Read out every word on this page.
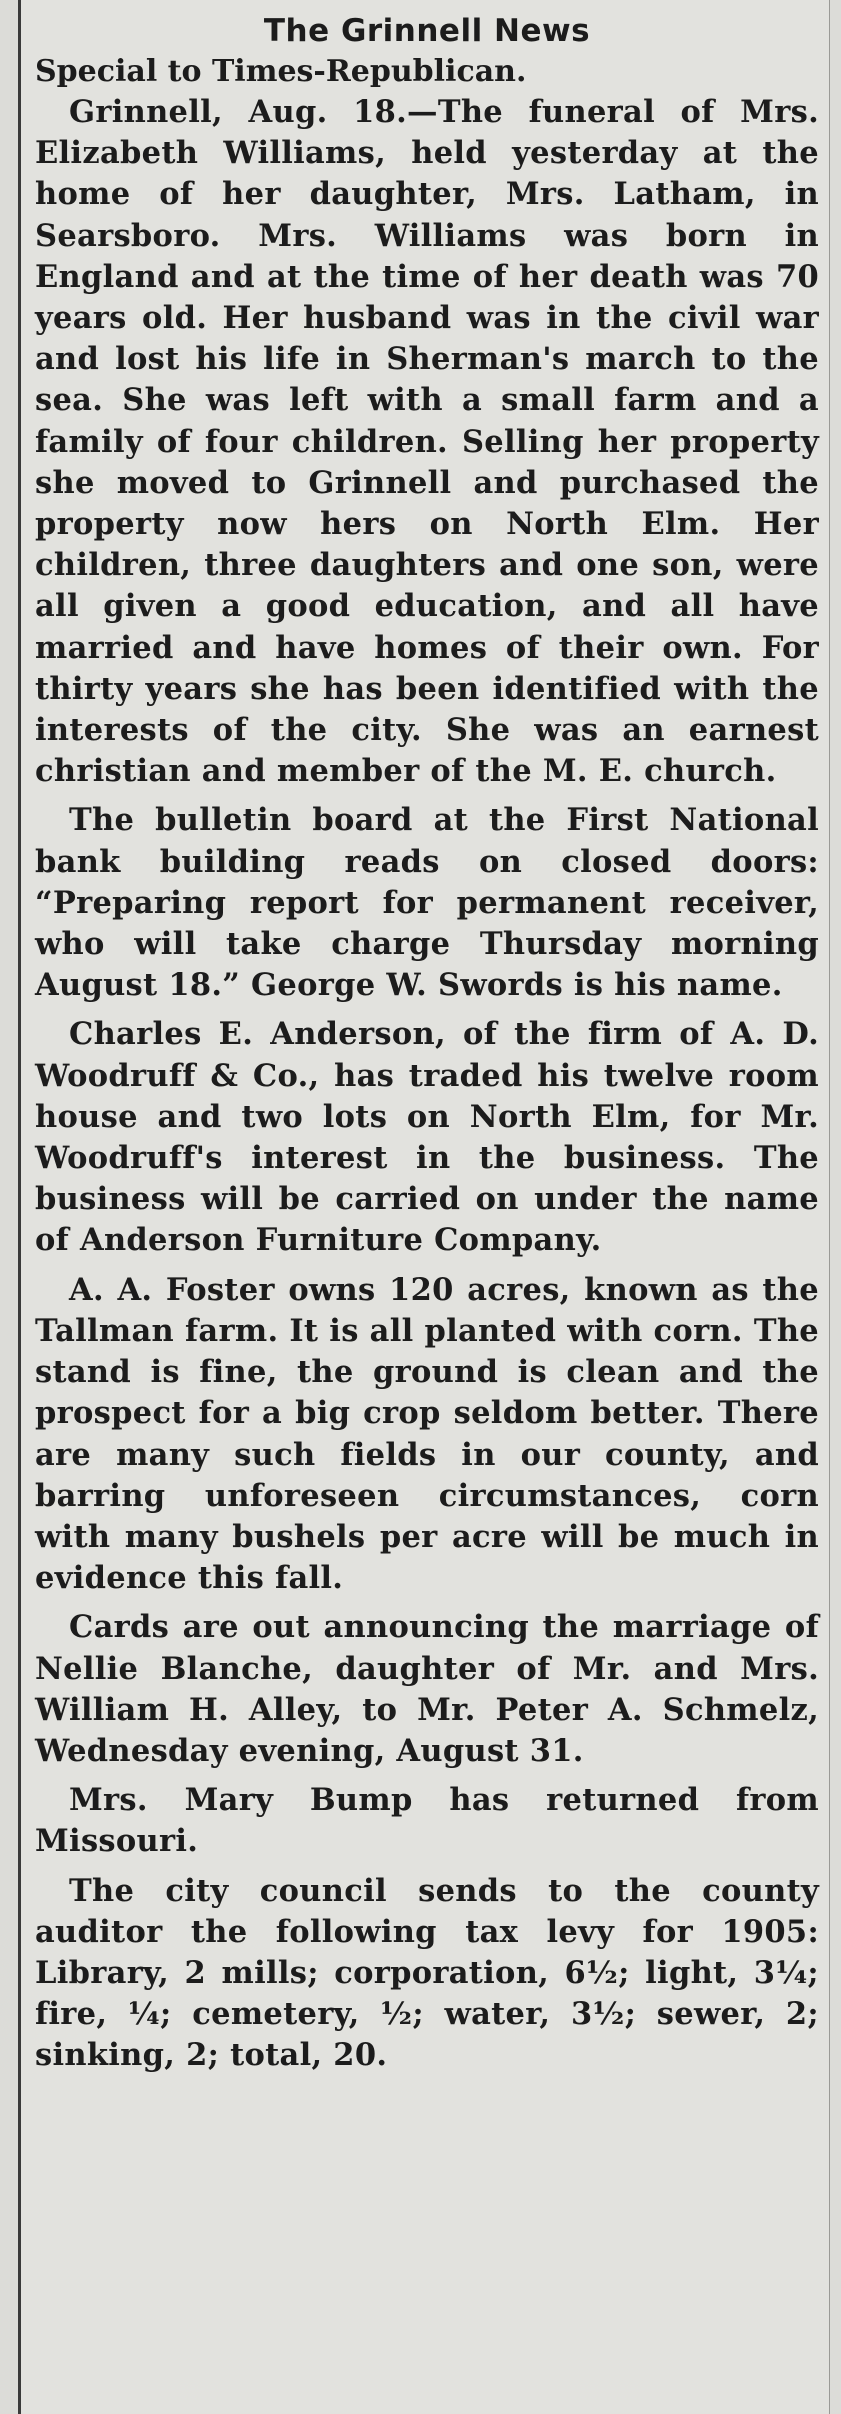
The Grinnell News

Special to Times-Republican.

Grinnell, Aug. 18.—The funeral of Mrs. Elizabeth Williams, held yesterday at the home of her daughter, Mrs. Latham, in Searsboro. Mrs. Williams was born in England and at the time of her death was 70 years old. Her husband was in the civil war and lost his life in Sherman's march to the sea. She was left with a small farm and a family of four children. Selling her property she moved to Grinnell and purchased the property now hers on North Elm. Her children, three daughters and one son, were all given a good education, and all have married and have homes of their own. For thirty years she has been identified with the interests of the city. She was an earnest christian and member of the M. E. church.

The bulletin board at the First National bank building reads on closed doors: “Preparing report for permanent receiver, who will take charge Thursday morning August 18.” George W. Swords is his name.

Charles E. Anderson, of the firm of A. D. Woodruff & Co., has traded his twelve room house and two lots on North Elm, for Mr. Woodruff's interest in the business. The business will be carried on under the name of Anderson Furniture Company.

A. A. Foster owns 120 acres, known as the Tallman farm. It is all planted with corn. The stand is fine, the ground is clean and the prospect for a big crop seldom better. There are many such fields in our county, and barring unforeseen circumstances, corn with many bushels per acre will be much in evidence this fall.

Cards are out announcing the marriage of Nellie Blanche, daughter of Mr. and Mrs. William H. Alley, to Mr. Peter A. Schmelz, Wednesday evening, August 31.

Mrs. Mary Bump has returned from Missouri.

The city council sends to the county auditor the following tax levy for 1905: Library, 2 mills; corporation, 6½; light, 3¼; fire, ¼; cemetery, ½; water, 3½; sewer, 2; sinking, 2; total, 20.
